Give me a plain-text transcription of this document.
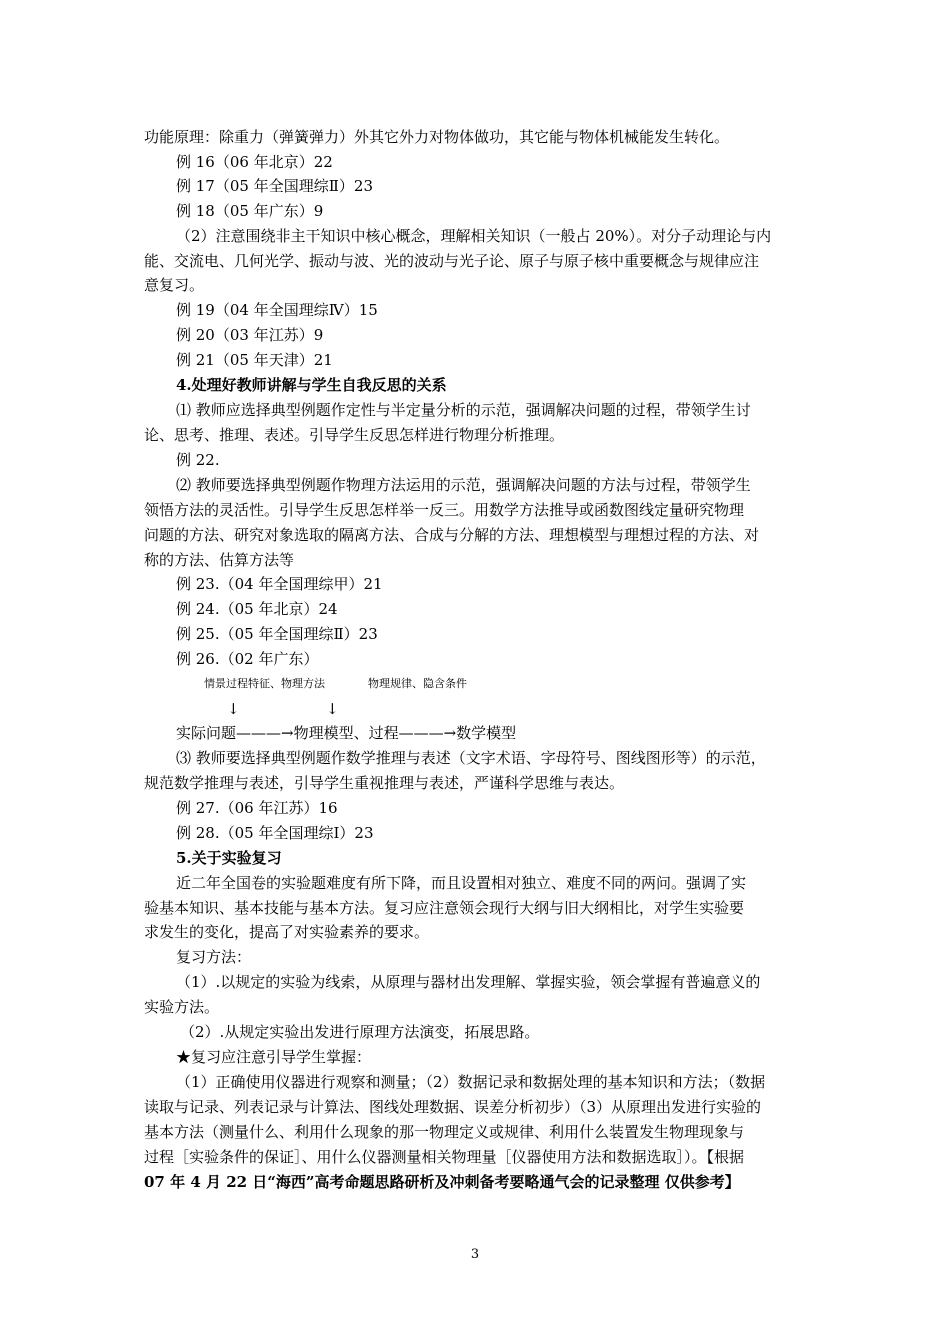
功能原理：除重力（弹簧弹力）外其它外力对物体做功，其它能与物体机械能发生转化。
例 16（06 年北京）22
例 17（05 年全国理综Ⅱ）23
例 18（05 年广东）9
（2）注意围绕非主干知识中核心概念，理解相关知识（一般占 20%）。对分子动理论与内
能、交流电、几何光学、振动与波、光的波动与光子论、原子与原子核中重要概念与规律应注
意复习。
例 19（04 年全国理综Ⅳ）15
例 20（03 年江苏）9
例 21（05 年天津）21
4.处理好教师讲解与学生自我反思的关系
⑴ 教师应选择典型例题作定性与半定量分析的示范，强调解决问题的过程，带领学生讨
论、思考、推理、表述。引导学生反思怎样进行物理分析推理。
例 22.
⑵ 教师要选择典型例题作物理方法运用的示范，强调解决问题的方法与过程，带领学生
领悟方法的灵活性。引导学生反思怎样举一反三。用数学方法推导或函数图线定量研究物理
问题的方法、研究对象选取的隔离方法、合成与分解的方法、理想模型与理想过程的方法、对
称的方法、估算方法等
例 23.（04 年全国理综甲）21
例 24.（05 年北京）24
例 25.（05 年全国理综Ⅱ）23
例 26.（02 年广东）
情景过程特征、物理方法	物理规律、隐含条件
↓	↓
实际问题———→物理模型、过程———→数学模型
⑶ 教师要选择典型例题作数学推理与表述（文字术语、字母符号、图线图形等）的示范，
规范数学推理与表述，引导学生重视推理与表述，严谨科学思维与表达。
例 27.（06 年江苏）16
例 28.（05 年全国理综Ⅰ）23
5.关于实验复习
近二年全国卷的实验题难度有所下降，而且设置相对独立、难度不同的两问。强调了实
验基本知识、基本技能与基本方法。复习应注意领会现行大纲与旧大纲相比，对学生实验要
求发生的变化，提高了对实验素养的要求。
复习方法：
（1）.以规定的实验为线索，从原理与器材出发理解、掌握实验，领会掌握有普遍意义的
实验方法。
（2）.从规定实验出发进行原理方法演变，拓展思路。
★复习应注意引导学生掌握：
（1）正确使用仪器进行观察和测量；（2）数据记录和数据处理的基本知识和方法；（数据
读取与记录、列表记录与计算法、图线处理数据、误差分析初步）（3）从原理出发进行实验的
基本方法（测量什么、利用什么现象的那一物理定义或规律、利用什么装置发生物理现象与
过程［实验条件的保证］、用什么仪器测量相关物理量［仪器使用方法和数据选取］）。【根据
07 年 4 月 22 日“海西”高考命题思路研析及冲刺备考要略通气会的记录整理 仅供参考】
3
